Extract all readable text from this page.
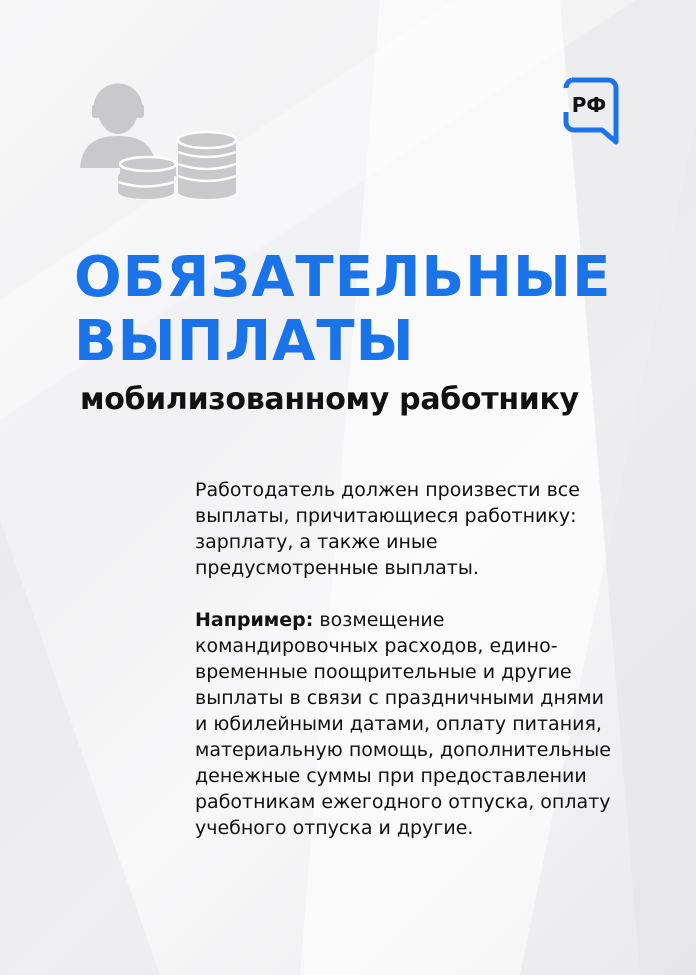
РФ
ОБЯЗАТЕЛЬНЫЕ
ВЫПЛАТЫ
мобилизованному работнику

Работодатель должен произвести все
выплаты, причитающиеся работнику:
зарплату, а также иные
предусмотренные выплаты.

Например: возмещение
командировочных расходов, едино-
временные поощрительные и другие
выплаты в связи с праздничными днями
и юбилейными датами, оплату питания,
материальную помощь, дополнительные
денежные суммы при предоставлении
работникам ежегодного отпуска, оплату
учебного отпуска и другие.
